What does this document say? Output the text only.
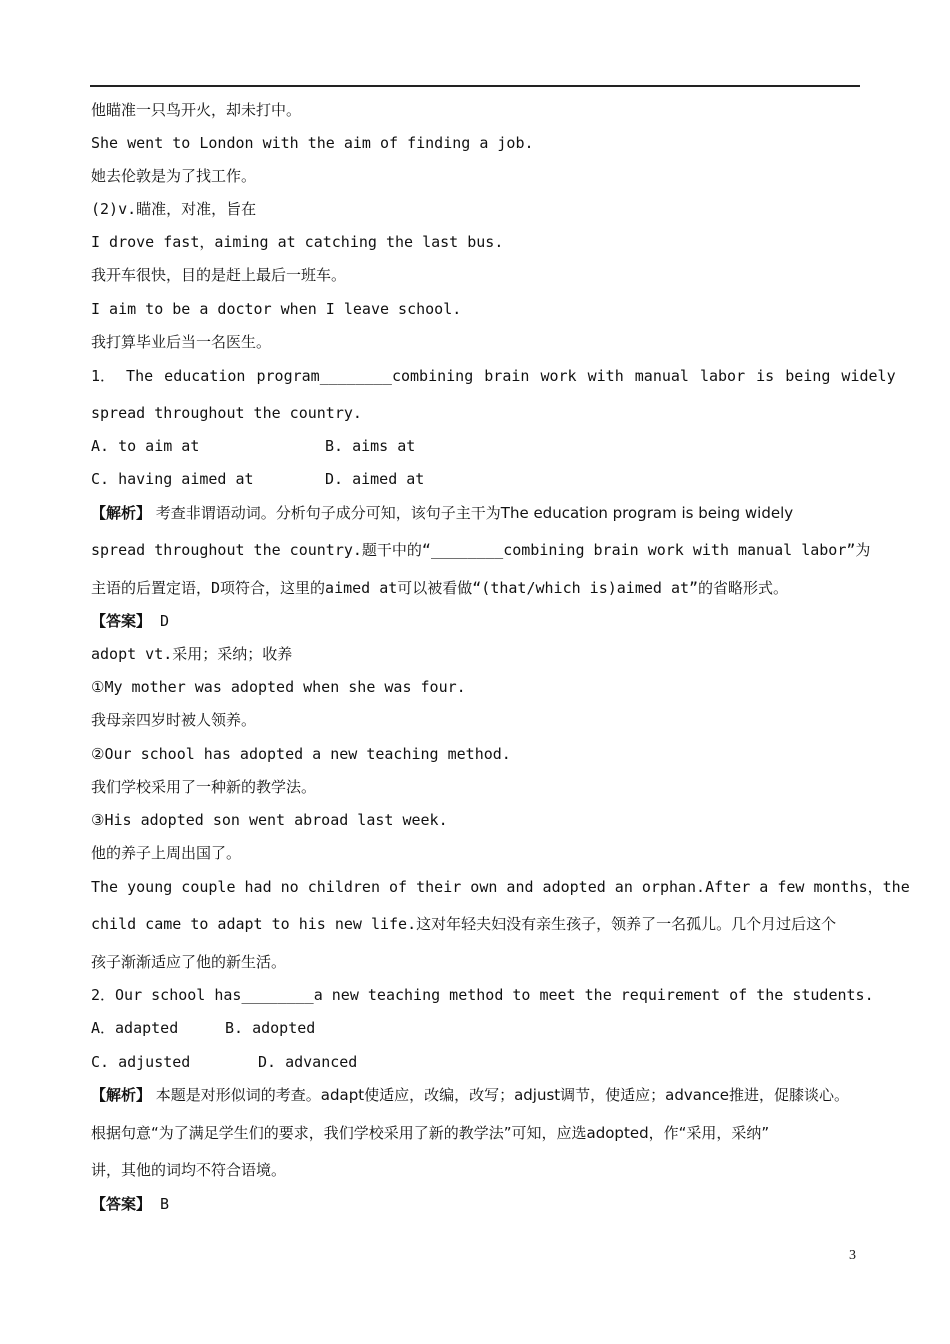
他瞄准一只鸟开火，却未打中。
She went to London with the aim of finding a job.
她去伦敦是为了找工作。
(2)v.瞄准，对准，旨在
I drove fast，aiming at catching the last bus.
我开车很快，目的是赶上最后一班车。
I aim to be a doctor when I leave school.
我打算毕业后当一名医生。
1． The education program________combining brain work with manual labor is being widely
spread throughout the country.
A. to aim at	B. aims at
C. having aimed at	D. aimed at
【解析】 考查非谓语动词。分析句子成分可知，该句子主干为The education program is being widely
spread throughout the country.题干中的“________combining brain work with manual labor”为
主语的后置定语，D项符合，这里的aimed at可以被看做“(that/which is)aimed at”的省略形式。
【答案】 D
adopt vt.采用；采纳；收养
①My mother was adopted when she was four.
我母亲四岁时被人领养。
②Our school has adopted a new teaching method.
我们学校采用了一种新的教学法。
③His adopted son went abroad last week.
他的养子上周出国了。
The young couple had no children of their own and adopted an orphan.After a few months，the
child came to adapt to his new life.这对年轻夫妇没有亲生孩子，领养了一名孤儿。几个月过后这个
孩子渐渐适应了他的新生活。
2．Our school has________a new teaching method to meet the requirement of the students.
A．adapted	B. adopted
C. adjusted	D. advanced
【解析】 本题是对形似词的考查。adapt使适应，改编，改写；adjust调节，使适应；advance推进，促膝谈心。
根据句意“为了满足学生们的要求，我们学校采用了新的教学法”可知，应选adopted，作“采用，采纳”
讲，其他的词均不符合语境。
【答案】 B
3
